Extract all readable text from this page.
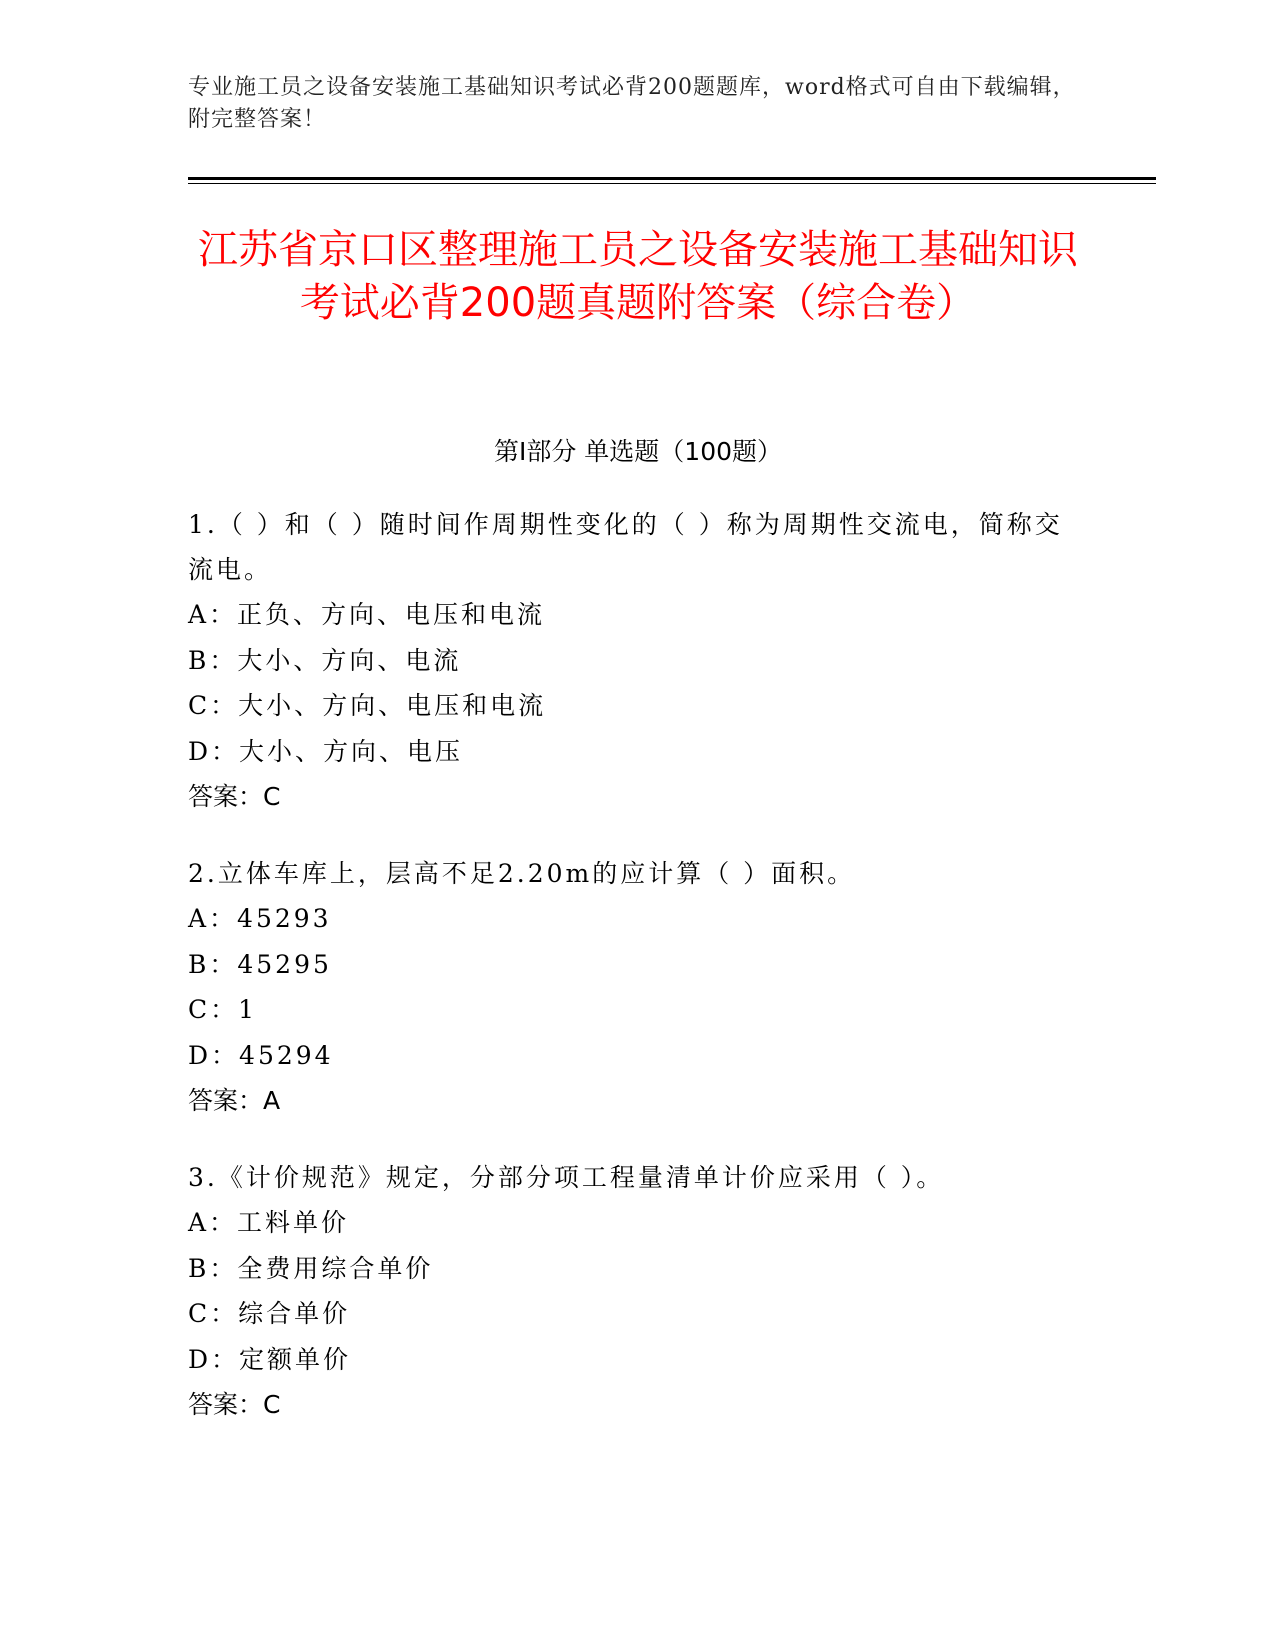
专业施工员之设备安装施工基础知识考试必背200题题库，word格式可自由下载编辑，附完整答案！
江苏省京口区整理施工员之设备安装施工基础知识考试必背200题真题附答案（综合卷）
第I部分 单选题（100题）

1.（ ）和（ ）随时间作周期性变化的（ ）称为周期性交流电，简称交流电。

A：正负、方向、电压和电流

B：大小、方向、电流

C：大小、方向、电压和电流

D：大小、方向、电压

答案：C

2.立体车库上，层高不足2.20m的应计算（ ）面积。

A：45293

B：45295

C：1

D：45294

答案：A

3.《计价规范》规定，分部分项工程量清单计价应采用（ ）。

A：工料单价

B：全费用综合单价

C：综合单价

D：定额单价

答案：C
